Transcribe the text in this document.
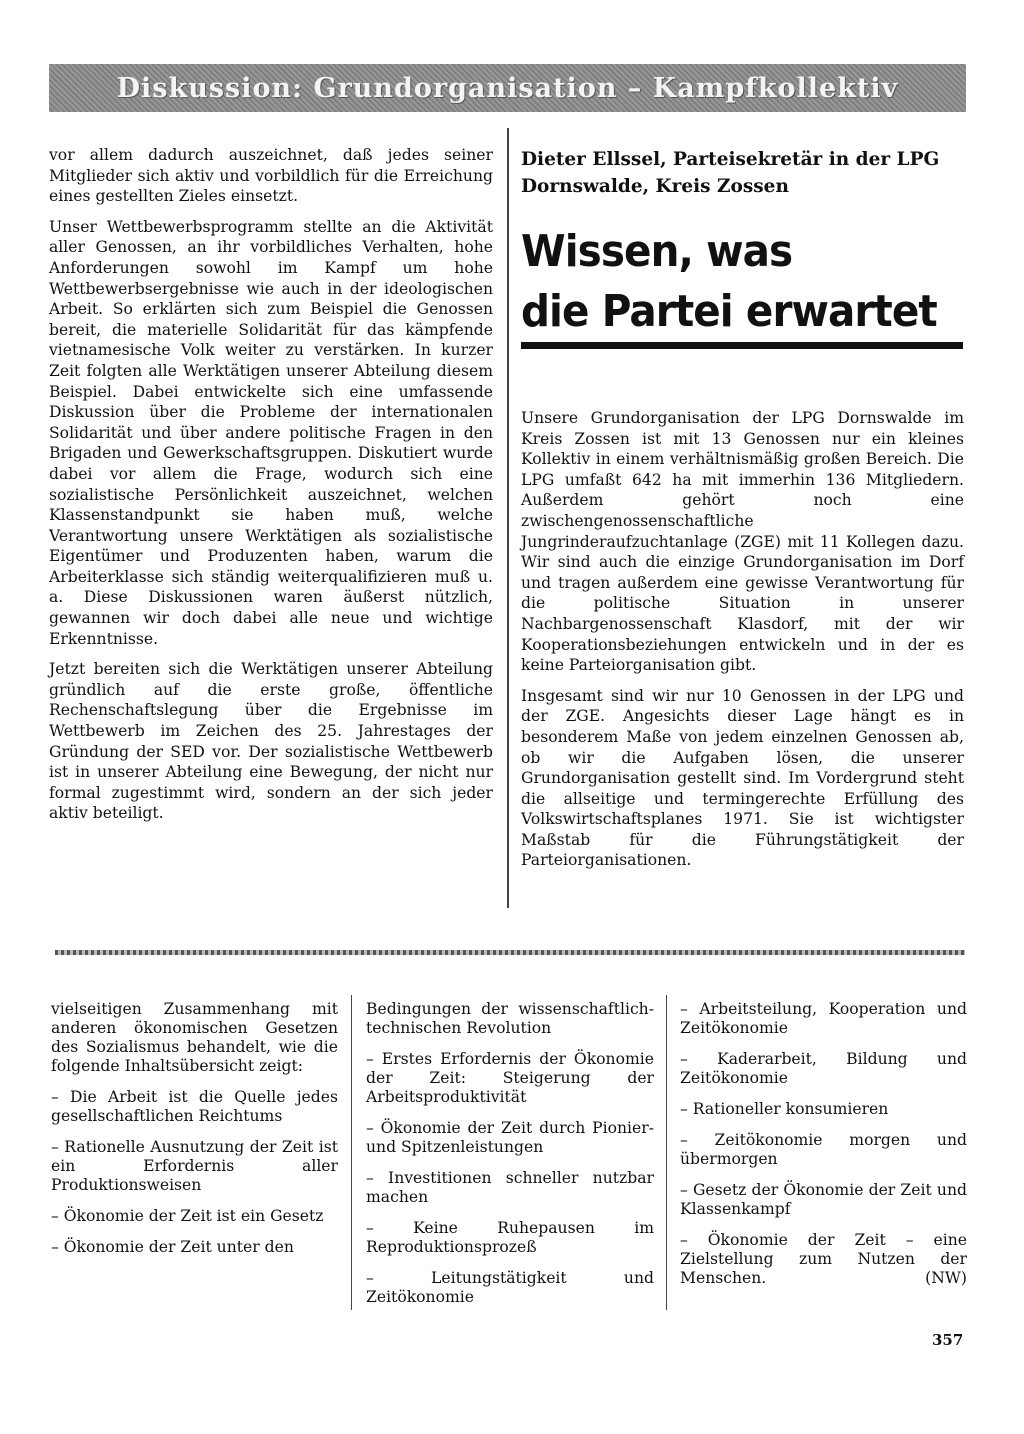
Diskussion: Grundorganisation – Kampfkollektiv

vor allem dadurch auszeichnet, daß jedes seiner Mitglieder sich aktiv und vorbildlich für die Erreichung eines gestellten Zieles einsetzt.

Unser Wettbewerbsprogramm stellte an die Aktivität aller Genossen, an ihr vorbildliches Verhalten, hohe Anforderungen sowohl im Kampf um hohe Wettbewerbsergebnisse wie auch in der ideologischen Arbeit. So erklärten sich zum Beispiel die Genossen bereit, die materielle Solidarität für das kämpfende vietnamesische Volk weiter zu verstärken. In kurzer Zeit folgten alle Werktätigen unserer Abteilung diesem Beispiel. Dabei entwickelte sich eine umfassende Diskussion über die Probleme der internationalen Solidarität und über andere politische Fragen in den Brigaden und Gewerkschaftsgruppen. Diskutiert wurde dabei vor allem die Frage, wodurch sich eine sozialistische Persönlichkeit auszeichnet, welchen Klassenstandpunkt sie haben muß, welche Verantwortung unsere Werktätigen als sozialistische Eigentümer und Produzenten haben, warum die Arbeiterklasse sich ständig weiterqualifizieren muß u. a. Diese Diskussionen waren äußerst nützlich, gewannen wir doch dabei alle neue und wichtige Erkenntnisse.

Jetzt bereiten sich die Werktätigen unserer Abteilung gründlich auf die erste große, öffentliche Rechenschaftslegung über die Ergebnisse im Wettbewerb im Zeichen des 25. Jahrestages der Gründung der SED vor. Der sozialistische Wettbewerb ist in unserer Abteilung eine Bewegung, der nicht nur formal zugestimmt wird, sondern an der sich jeder aktiv beteiligt.

Dieter Ellssel, Parteisekretär in der LPG Dornswalde, Kreis Zossen
Wissen, was
die Partei erwartet

Unsere Grundorganisation der LPG Dornswalde im Kreis Zossen ist mit 13 Genossen nur ein kleines Kollektiv in einem verhältnismäßig großen Bereich. Die LPG umfaßt 642 ha mit immerhin 136 Mitgliedern. Außerdem gehört noch eine zwischengenossenschaftliche Jungrinderaufzuchtanlage (ZGE) mit 11 Kollegen dazu. Wir sind auch die einzige Grundorganisation im Dorf und tragen außerdem eine gewisse Verantwortung für die politische Situation in unserer Nachbargenossenschaft Klasdorf, mit der wir Kooperationsbeziehungen entwickeln und in der es keine Parteiorganisation gibt.

Insgesamt sind wir nur 10 Genossen in der LPG und der ZGE. Angesichts dieser Lage hängt es in besonderem Maße von jedem einzelnen Genossen ab, ob wir die Aufgaben lösen, die unserer Grundorganisation gestellt sind. Im Vordergrund steht die allseitige und termingerechte Erfüllung des Volkswirtschaftsplanes 1971. Sie ist wichtigster Maßstab für die Führungstätigkeit der Parteiorganisationen.

vielseitigen Zusammenhang mit anderen ökonomischen Gesetzen des Sozialismus behandelt, wie die folgende Inhaltsübersicht zeigt:

– Die Arbeit ist die Quelle jedes gesellschaftlichen Reichtums

– Rationelle Ausnutzung der Zeit ist ein Erfordernis aller Produktionsweisen

– Ökonomie der Zeit ist ein Gesetz

– Ökonomie der Zeit unter den

Bedingungen der wissenschaftlich-technischen Revolution

– Erstes Erfordernis der Ökonomie der Zeit: Steigerung der Arbeitsproduktivität

– Ökonomie der Zeit durch Pionier- und Spitzenleistungen

– Investitionen schneller nutzbar machen

– Keine Ruhepausen im Reproduktionsprozeß

– Leitungstätigkeit und Zeitökonomie

– Arbeitsteilung, Kooperation und Zeitökonomie

– Kaderarbeit, Bildung und Zeitökonomie

– Rationeller konsumieren

– Zeitökonomie morgen und übermorgen

– Gesetz der Ökonomie der Zeit und Klassenkampf

– Ökonomie der Zeit – eine Zielstellung zum Nutzen der Menschen.	(NW)

357
